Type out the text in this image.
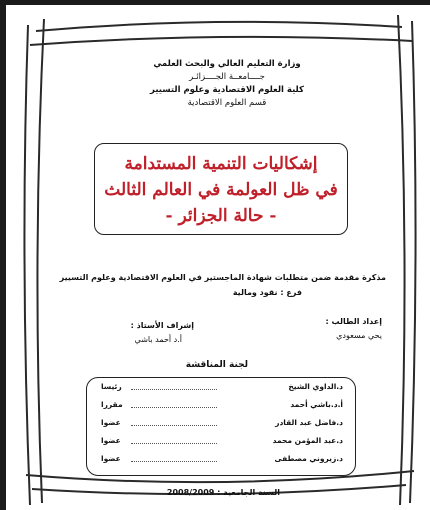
وزارة التعليم العالي والبحث العلمي
جــــامعــة الجــــزائـر
كلية العلوم الاقتصادية وعلوم التسيير
قسم العلوم الاقتصادية
إشكاليات التنمية المستدامة
في ظل العولمة في العالم الثالث
- حالة الجزائر -
مذكرة مقدمة ضمن متطلبات شهادة الماجستير في العلوم الاقتصادية وعلوم التسيير
فرع : نقود ومالية
إعداد الطالب :
يحي مسعودي
إشراف الأستاذ :
أ.د أحمد باشي
لجنة المناقشة
د.الداوي الشيخ
رئيسا
أ.د.باشي أحمد
مقررا
د.فاضل عبد القادر
عضوا
د.عبد المؤمن محمد
عضوا
د.زيروني مصطفى
عضوا
السنة الجامعية : 2008/2009
